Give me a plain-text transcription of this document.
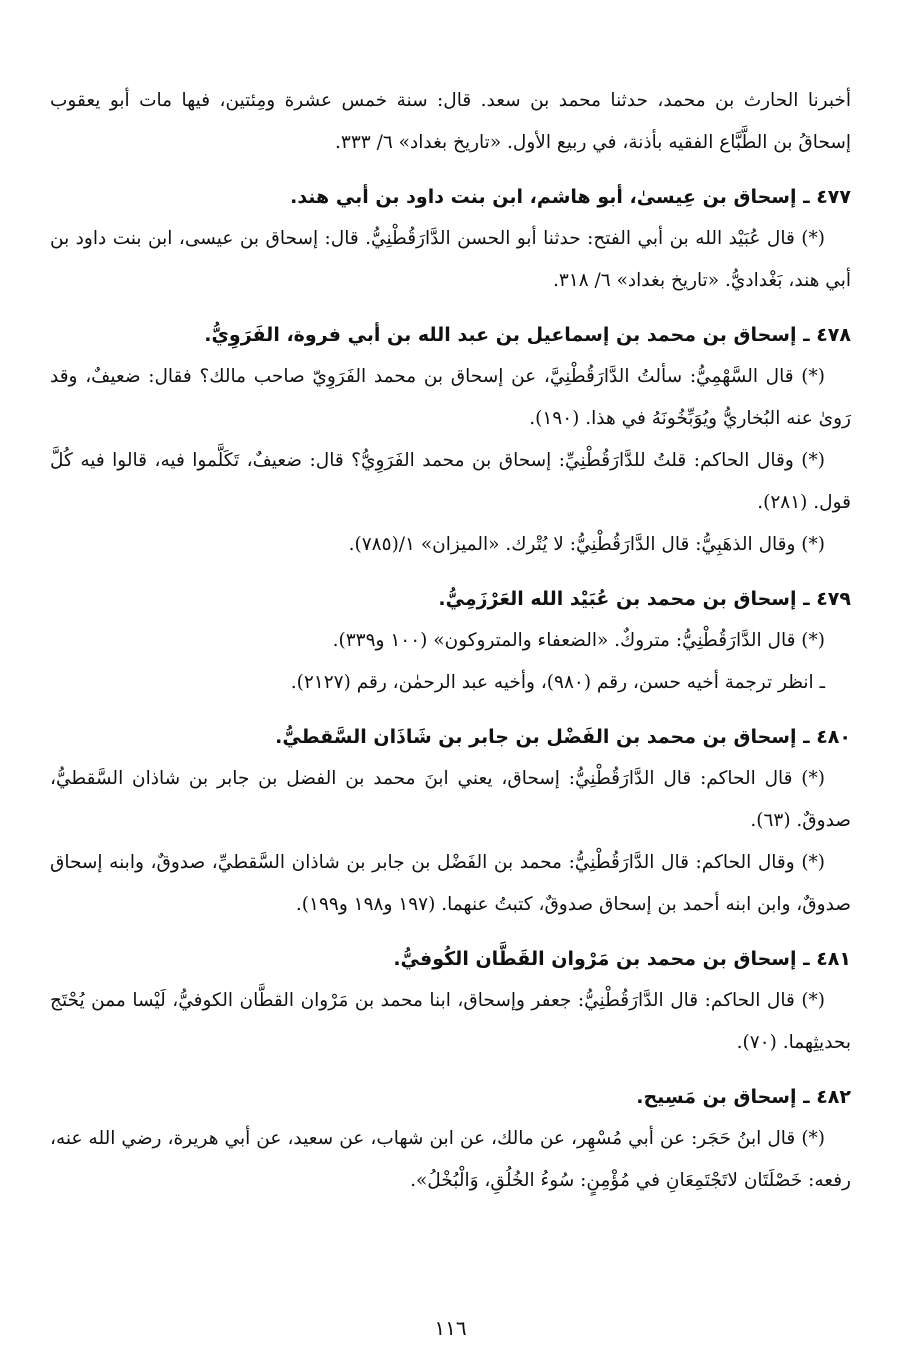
أخبرنا الحارث بن محمد، حدثنا محمد بن سعد. قال: سنة خمس عشرة ومِئتين، فيها مات أبو يعقوب إسحاقُ بن الطَّبَّاع الفقيه بأذنة، في ربيع الأول. «تاريخ بغداد» ٦/ ٣٣٣.

٤٧٧ ـ إسحاق بن عِيسىٰ، أبو هاشم، ابن بنت داود بن أبي هند.

(*) قال عُبَيْد الله بن أبي الفتح: حدثنا أبو الحسن الدَّارَقُطْنِيُّ. قال: إسحاق بن عيسى، ابن بنت داود بن أبي هند، بَغْداديُّ. «تاريخ بغداد» ٦/ ٣١٨.

٤٧٨ ـ إسحاق بن محمد بن إسماعيل بن عبد الله بن أبي فروة، الفَرَوِيُّ.

(*) قال السَّهْمِيُّ: سألتُ الدَّارَقُطْنِيَّ، عن إسحاق بن محمد الفَرَوِيّ صاحب مالك؟ فقال: ضعيفٌ، وقد رَوىٰ عنه البُخاريُّ ويُوَبِّخُونَهُ في هذا. (١٩٠).

(*) وقال الحاكم: قلتُ للدَّارَقُطْنِيِّ: إسحاق بن محمد الفَرَوِيُّ؟ قال: ضعيفٌ، تَكَلَّموا فيه، قالوا فيه كُلَّ قول. (٢٨١).

(*) وقال الذهَبِيُّ: قال الدَّارَقُطْنِيُّ: لا يُتْرك. «الميزان» ١/(٧٨٥).

٤٧٩ ـ إسحاق بن محمد بن عُبَيْد الله العَرْزَمِيُّ.

(*) قال الدَّارَقُطْنِيُّ: متروكٌ. «الضعفاء والمتروكون» (١٠٠ و٣٣٩).

ـ انظر ترجمة أخيه حسن، رقم (٩٨٠)، وأخيه عبد الرحمٰن، رقم (٢١٢٧).

٤٨٠ ـ إسحاق بن محمد بن الفَضْل بن جابر بن شَاذَان السَّقطيُّ.

(*) قال الحاكم: قال الدَّارَقُطْنِيُّ: إسحاق، يعني ابنَ محمد بن الفضل بن جابر بن شاذان السَّقطيُّ، صدوقٌ. (٦٣).

(*) وقال الحاكم: قال الدَّارَقُطْنِيُّ: محمد بن الفَضْل بن جابر بن شاذان السَّقطيِّ، صدوقٌ، وابنه إسحاق صدوقٌ، وابن ابنه أحمد بن إسحاق صدوقٌ، كتبتُ عنهما. (١٩٧ و١٩٨ و١٩٩).

٤٨١ ـ إسحاق بن محمد بن مَرْوان القَطَّان الكُوفيُّ.

(*) قال الحاكم: قال الدَّارَقُطْنِيُّ: جعفر وإسحاق، ابنا محمد بن مَرْوان القطَّان الكوفيُّ، لَيْسا ممن يُحْتَج بحديثِهما. (٧٠).

٤٨٢ ـ إسحاق بن مَسِيح.

(*) قال ابنُ حَجَر: عن أبي مُسْهِر، عن مالك، عن ابن شهاب، عن سعيد، عن أبي هريرة، رضي الله عنه، رفعه: خَصْلَتَان لاتَجْتَمِعَانِ في مُؤْمِنٍ: سُوءُ الخُلُقِ، وَالْبُخْلُ».

١١٦
